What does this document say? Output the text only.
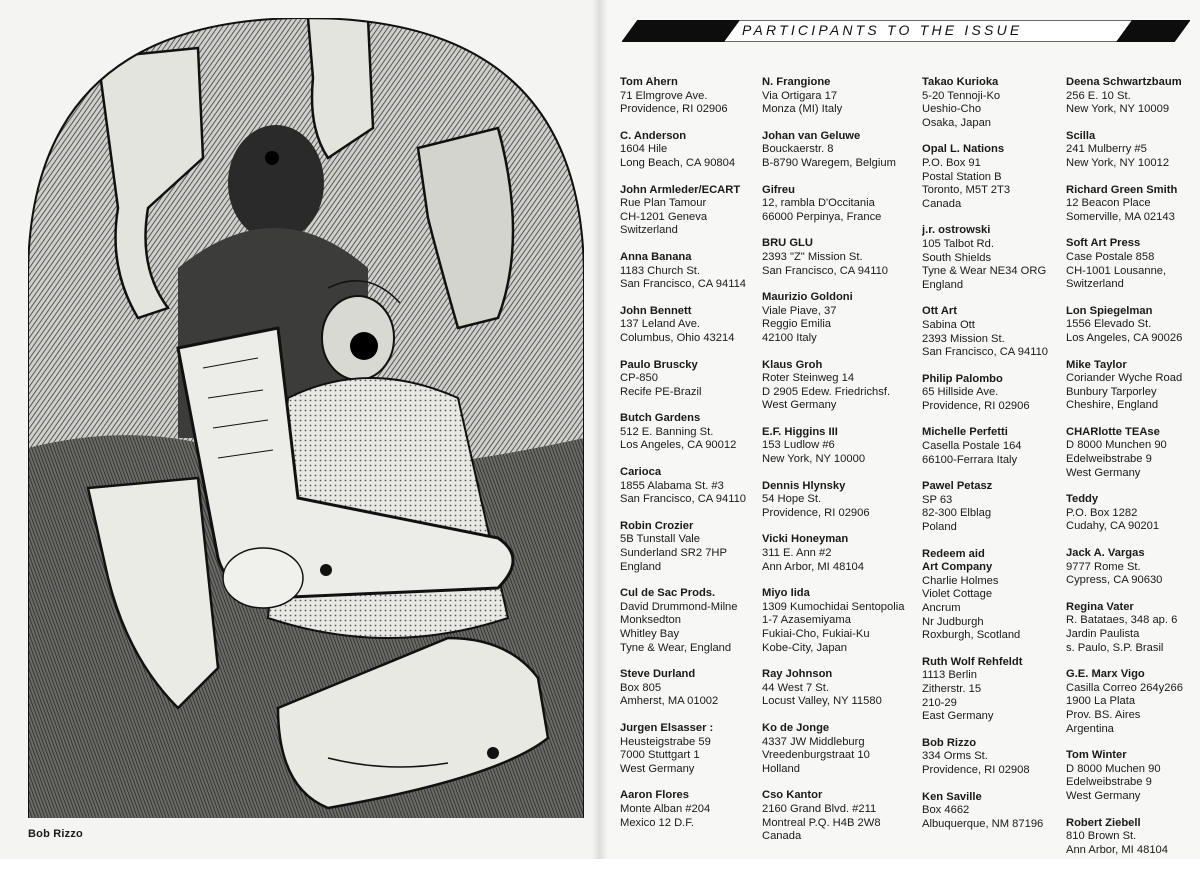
Bob Rizzo
PARTICIPANTS TO THE ISSUE
Tom Ahern
71 Elmgrove Ave.
Providence, RI 02906
C. Anderson
1604 Hile
Long Beach, CA 90804
John Armleder/ECART
Rue Plan Tamour
CH-1201 Geneva
Switzerland
Anna Banana
1183 Church St.
San Francisco, CA 94114
John Bennett
137 Leland Ave.
Columbus, Ohio 43214
Paulo Bruscky
CP-850
Recife PE-Brazil
Butch Gardens
512 E. Banning St.
Los Angeles, CA 90012
Carioca
1855 Alabama St. #3
San Francisco, CA 94110
Robin Crozier
5B Tunstall Vale
Sunderland SR2 7HP
England
Cul de Sac Prods.
David Drummond-Milne
Monksedton
Whitley Bay
Tyne & Wear, England
Steve Durland
Box 805
Amherst, MA 01002
Jurgen Elsasser :
Heusteigstrabe 59
7000 Stuttgart 1
West Germany
Aaron Flores
Monte Alban #204
Mexico 12 D.F.
N. Frangione
Via Ortigara 17
Monza (MI) Italy
Johan van Geluwe
Bouckaerstr. 8
B-8790 Waregem, Belgium
Gifreu
12, rambla D'Occitania
66000 Perpinya, France
BRU GLU
2393 "Z" Mission St.
San Francisco, CA 94110
Maurizio Goldoni
Viale Piave, 37
Reggio Emilia
42100 Italy
Klaus Groh
Roter Steinweg 14
D 2905 Edew. Friedrichsf.
West Germany
E.F. Higgins III
153 Ludlow #6
New York, NY 10000
Dennis Hlynsky
54 Hope St.
Providence, RI 02906
Vicki Honeyman
311 E. Ann #2
Ann Arbor, MI 48104
Miyo Iida
1309 Kumochidai Sentopolia
1-7 Azasemiyama
Fukiai-Cho, Fukiai-Ku
Kobe-City, Japan
Ray Johnson
44 West 7 St.
Locust Valley, NY 11580
Ko de Jonge
4337 JW Middleburg
Vreedenburgstraat 10
Holland
Cso Kantor
2160 Grand Blvd. #211
Montreal P.Q. H4B 2W8
Canada
Takao Kurioka
5-20 Tennoji-Ko
Ueshio-Cho
Osaka, Japan
Opal L. Nations
P.O. Box 91
Postal Station B
Toronto, M5T 2T3
Canada
j.r. ostrowski
105 Talbot Rd.
South Shields
Tyne & Wear NE34 ORG
England
Ott Art
Sabina Ott
2393 Mission St.
San Francisco, CA 94110
Philip Palombo
65 Hillside Ave.
Providence, RI 02906
Michelle Perfetti
Casella Postale 164
66100-Ferrara Italy
Pawel Petasz
SP 63
82-300 Elblag
Poland
Redeem aid
Art Company
Charlie Holmes
Violet Cottage
Ancrum
Nr Judburgh
Roxburgh, Scotland
Ruth Wolf Rehfeldt
1113 Berlin
Zitherstr. 15
210-29
East Germany
Bob Rizzo
334 Orms St.
Providence, RI 02908
Ken Saville
Box 4662
Albuquerque, NM 87196
Deena Schwartzbaum
256 E. 10 St.
New York, NY 10009
Scilla
241 Mulberry #5
New York, NY 10012
Richard Green Smith
12 Beacon Place
Somerville, MA 02143
Soft Art Press
Case Postale 858
CH-1001 Lousanne,
Switzerland
Lon Spiegelman
1556 Elevado St.
Los Angeles, CA 90026
Mike Taylor
Coriander Wyche Road
Bunbury Tarporley
Cheshire, England
CHARlotte TEAse
D 8000 Munchen 90
Edelweibstrabe 9
West Germany
Teddy
P.O. Box 1282
Cudahy, CA 90201
Jack A. Vargas
9777 Rome St.
Cypress, CA 90630
Regina Vater
R. Batataes, 348 ap. 6
Jardin Paulista
s. Paulo, S.P. Brasil
G.E. Marx Vigo
Casilla Correo 264y266
1900 La Plata
Prov. BS. Aires
Argentina
Tom Winter
D 8000 Muchen 90
Edelweibstrabe 9
West Germany
Robert Ziebell
810 Brown St.
Ann Arbor, MI 48104
